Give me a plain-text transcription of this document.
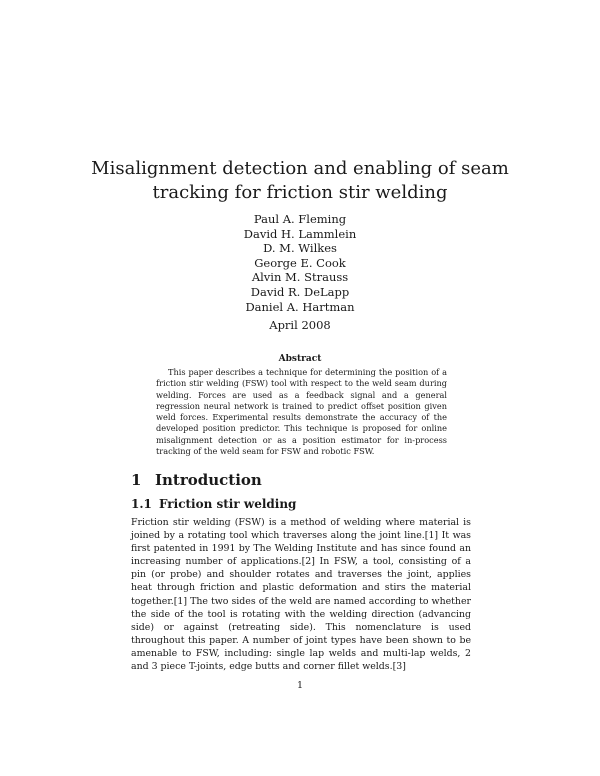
Misalignment detection and enabling of seam
tracking for friction stir welding
Paul A. Fleming
David H. Lammlein
D. M. Wilkes
George E. Cook
Alvin M. Strauss
David R. DeLapp
Daniel A. Hartman
April 2008
Abstract

This paper describes a technique for determining the position of a friction stir welding (FSW) tool with respect to the weld seam during welding. Forces are used as a feedback signal and a general regression neural network is trained to predict offset position given weld forces. Experimental results demonstrate the accuracy of the developed position predictor. This technique is proposed for online misalignment detection or as a position estimator for in-process tracking of the weld seam for FSW and robotic FSW.

1 Introduction
1.1 Friction stir welding

Friction stir welding (FSW) is a method of welding where material is joined by a rotating tool which traverses along the joint line.[1] It was first patented in 1991 by The Welding Institute and has since found an increasing number of applications.[2] In FSW, a tool, consisting of a pin (or probe) and shoulder rotates and traverses the joint, applies heat through friction and plastic deformation and stirs the material together.[1] The two sides of the weld are named according to whether the side of the tool is rotating with the welding direction (advancing side) or against (retreating side). This nomenclature is used throughout this paper. A number of joint types have been shown to be amenable to FSW, including: single lap welds and multi-lap welds, 2 and 3 piece T-joints, edge butts and corner fillet welds.[3]

1
